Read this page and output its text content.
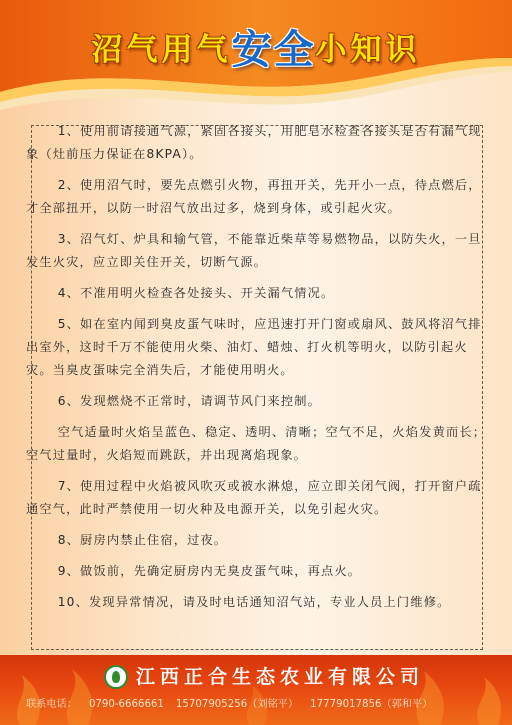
沼气用气安全小知识

1、使用前请接通气源，紧固各接头，用肥皂水检查各接头是否有漏气现象（灶前压力保证在8KPA）。

2、使用沼气时，要先点燃引火物，再扭开关，先开小一点，待点燃后，才全部扭开，以防一时沼气放出过多，烧到身体，或引起火灾。

3、沼气灯、炉具和输气管，不能靠近柴草等易燃物品，以防失火，一旦发生火灾，应立即关住开关，切断气源。

4、不准用明火检查各处接头、开关漏气情况。

5、如在室内闻到臭皮蛋气味时，应迅速打开门窗或扇风、鼓风将沼气排出室外，这时千万不能使用火柴、油灯、蜡烛、打火机等明火，以防引起火灾。当臭皮蛋味完全消失后，才能使用明火。

6、发现燃烧不正常时，请调节风门来控制。

空气适量时火焰呈蓝色、稳定、透明、清晰；空气不足，火焰发黄而长；空气过量时，火焰短而跳跃，并出现离焰现象。

7、使用过程中火焰被风吹灭或被水淋熄，应立即关闭气阀，打开窗户疏通空气，此时严禁使用一切火种及电源开关，以免引起火灾。

8、厨房内禁止住宿，过夜。

9、做饭前，先确定厨房内无臭皮蛋气味，再点火。

10、发现异常情况，请及时电话通知沼气站，专业人员上门维修。

江西正合生态农业有限公司
联系电话： 0790-6666661 15707905256（刘铭平） 17779017856（郭和平）
